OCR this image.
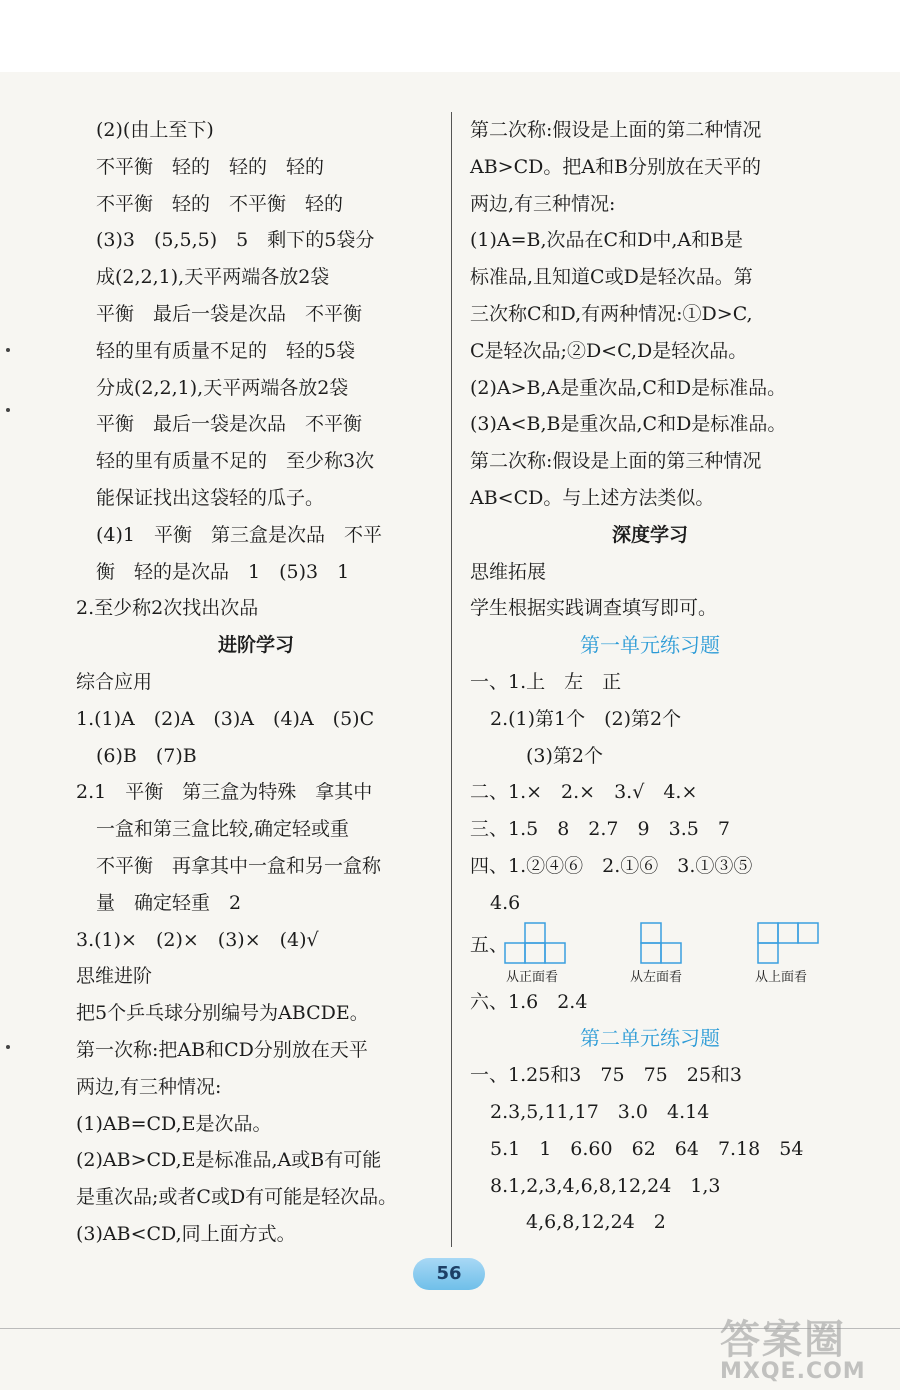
(2)(由上至下)
不平衡　轻的　轻的　轻的
不平衡　轻的　不平衡　轻的
(3)3　(5,5,5)　5　剩下的5袋分
成(2,2,1),天平两端各放2袋
平衡　最后一袋是次品　不平衡
轻的里有质量不足的　轻的5袋
分成(2,2,1),天平两端各放2袋
平衡　最后一袋是次品　不平衡
轻的里有质量不足的　至少称3次
能保证找出这袋轻的瓜子。
(4)1　平衡　第三盒是次品　不平
衡　轻的是次品　1　(5)3　1
2.至少称2次找出次品
进阶学习
综合应用
1.(1)A　(2)A　(3)A　(4)A　(5)C
(6)B　(7)B
2.1　平衡　第三盒为特殊　拿其中
一盒和第三盒比较,确定轻或重
不平衡　再拿其中一盒和另一盒称
量　确定轻重　2
3.(1)×　(2)×　(3)×　(4)√
思维进阶
把5个乒乓球分别编号为ABCDE。
第一次称:把AB和CD分别放在天平
两边,有三种情况:
(1)AB=CD,E是次品。
(2)AB>CD,E是标准品,A或B有可能
是重次品;或者C或D有可能是轻次品。
(3)AB<CD,同上面方式。
第二次称:假设是上面的第二种情况
AB>CD。把A和B分别放在天平的
两边,有三种情况:
(1)A=B,次品在C和D中,A和B是
标准品,且知道C或D是轻次品。第
三次称C和D,有两种情况:①D>C,
C是轻次品;②D<C,D是轻次品。
(2)A>B,A是重次品,C和D是标准品。
(3)A<B,B是重次品,C和D是标准品。
第二次称:假设是上面的第三种情况
AB<CD。与上述方法类似。
深度学习
思维拓展
学生根据实践调查填写即可。
第一单元练习题
一、1.上　左　正
2.(1)第1个　(2)第2个
(3)第2个
二、1.×　2.×　3.√　4.×
三、1.5　8　2.7　9　3.5　7
四、1.②④⑥　2.①⑥　3.①③⑤
4.6
五、
从正面看	从左面看	从上面看
六、1.6　2.4
第二单元练习题
一、1.25和3　75　75　25和3
2.3,5,11,17　3.0　4.14
5.1　1　6.60　62　64　7.18　54
8.1,2,3,4,6,8,12,24　1,3
4,6,8,12,24　2
56
答案圈
MXQE.COM
